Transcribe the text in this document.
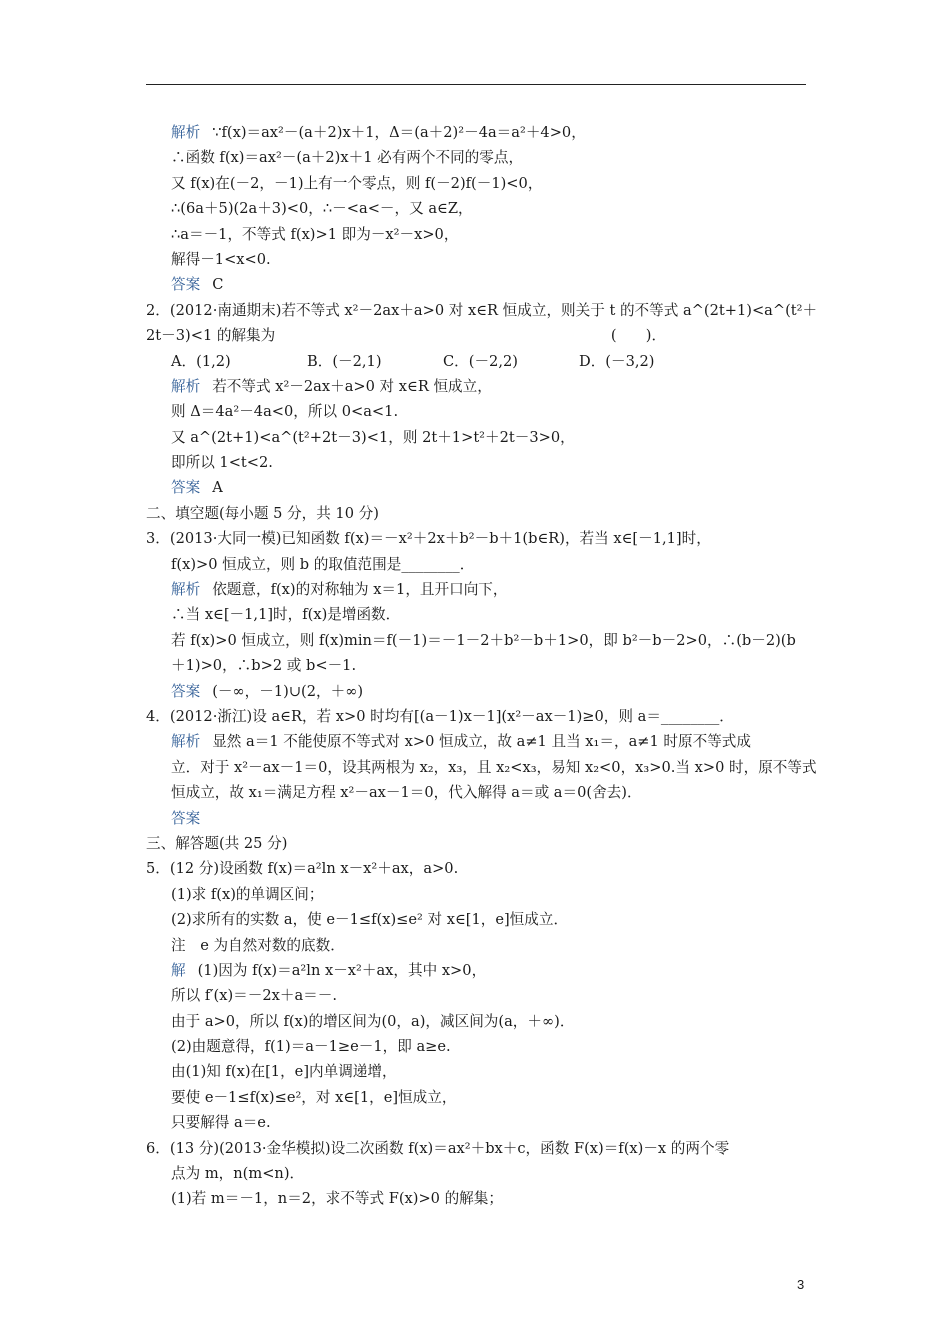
解析 ∵f(x)＝ax²－(a＋2)x＋1，Δ＝(a＋2)²－4a＝a²＋4>0，
∴函数 f(x)＝ax²－(a＋2)x＋1 必有两个不同的零点，
又 f(x)在(－2，－1)上有一个零点，则 f(－2)f(－1)<0，
∴(6a＋5)(2a＋3)<0，∴－<a<－，又 a∈Z，
∴a＝－1，不等式 f(x)>1 即为－x²－x>0，
解得－1<x<0.
答案 C
2．(2012·南通期末)若不等式 x²－2ax＋a>0 对 x∈R 恒成立，则关于 t 的不等式 a^(2t+1)<a^(t²＋
2t－3)<1 的解集为　　　　　　　　　　　　　　　　　　　　　　　(　　)．
A．(1,2)	B．(－2,1)	C．(－2,2)	D．(－3,2)
解析 若不等式 x²－2ax＋a>0 对 x∈R 恒成立，
则 Δ＝4a²－4a<0，所以 0<a<1.
又 a^(2t+1)<a^(t²+2t－3)<1，则 2t＋1>t²＋2t－3>0，
即所以 1<t<2.
答案 A
二、填空题(每小题 5 分，共 10 分)
3．(2013·大同一模)已知函数 f(x)＝－x²＋2x＋b²－b＋1(b∈R)，若当 x∈[－1,1]时，
f(x)>0 恒成立，则 b 的取值范围是________．
解析 依题意，f(x)的对称轴为 x＝1，且开口向下，
∴当 x∈[－1,1]时，f(x)是增函数．
若 f(x)>0 恒成立，则 f(x)min＝f(－1)＝－1－2＋b²－b＋1>0，即 b²－b－2>0，∴(b－2)(b
＋1)>0，∴b>2 或 b<－1.
答案 (－∞，－1)∪(2，＋∞)
4．(2012·浙江)设 a∈R，若 x>0 时均有[(a－1)x－1](x²－ax－1)≥0，则 a＝________．
解析 显然 a＝1 不能使原不等式对 x>0 恒成立，故 a≠1 且当 x₁＝，a≠1 时原不等式成
立．对于 x²－ax－1＝0，设其两根为 x₂，x₃，且 x₂<x₃，易知 x₂<0，x₃>0.当 x>0 时，原不等式
恒成立，故 x₁＝满足方程 x²－ax－1＝0，代入解得 a＝或 a＝0(舍去)．
答案
三、解答题(共 25 分)
5．(12 分)设函数 f(x)＝a²ln x－x²＋ax，a>0.
(1)求 f(x)的单调区间；
(2)求所有的实数 a，使 e－1≤f(x)≤e² 对 x∈[1，e]恒成立．
注　e 为自然对数的底数．
解 (1)因为 f(x)＝a²ln x－x²＋ax，其中 x>0，
所以 f′(x)＝－2x＋a＝－.
由于 a>0，所以 f(x)的增区间为(0，a)，减区间为(a，＋∞)．
(2)由题意得，f(1)＝a－1≥e－1，即 a≥e.
由(1)知 f(x)在[1，e]内单调递增，
要使 e－1≤f(x)≤e²，对 x∈[1，e]恒成立，
只要解得 a＝e.
6．(13 分)(2013·金华模拟)设二次函数 f(x)＝ax²＋bx＋c，函数 F(x)＝f(x)－x 的两个零
点为 m，n(m<n)．
(1)若 m＝－1，n＝2，求不等式 F(x)>0 的解集；
3
